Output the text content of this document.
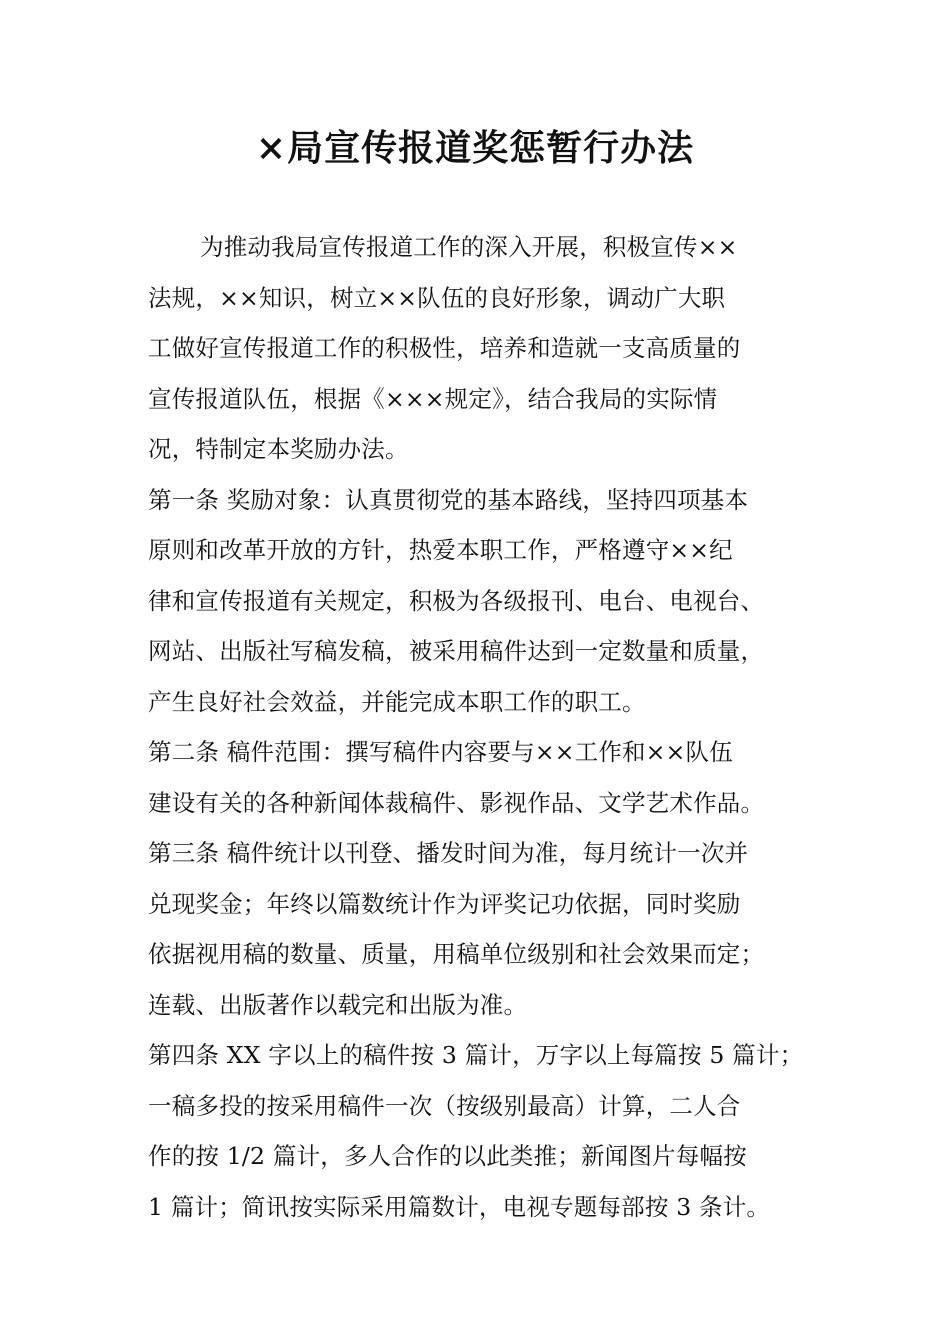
×局宣传报道奖惩暂行办法
为推动我局宣传报道工作的深入开展，积极宣传××
法规，××知识，树立××队伍的良好形象，调动广大职
工做好宣传报道工作的积极性，培养和造就一支高质量的
宣传报道队伍，根据《×××规定》，结合我局的实际情
况，特制定本奖励办法。
第一条 奖励对象：认真贯彻党的基本路线，坚持四项基本
原则和改革开放的方针，热爱本职工作，严格遵守××纪
律和宣传报道有关规定，积极为各级报刊、电台、电视台、
网站、出版社写稿发稿，被采用稿件达到一定数量和质量，
产生良好社会效益，并能完成本职工作的职工。
第二条 稿件范围：撰写稿件内容要与××工作和××队伍
建设有关的各种新闻体裁稿件、影视作品、文学艺术作品。
第三条 稿件统计以刊登、播发时间为准，每月统计一次并
兑现奖金；年终以篇数统计作为评奖记功依据，同时奖励
依据视用稿的数量、质量，用稿单位级别和社会效果而定；
连载、出版著作以载完和出版为准。
第四条 XX 字以上的稿件按 3 篇计，万字以上每篇按 5 篇计；
一稿多投的按采用稿件一次（按级别最高）计算，二人合
作的按 1/2 篇计，多人合作的以此类推；新闻图片每幅按
1 篇计；简讯按实际采用篇数计，电视专题每部按 3 条计。
